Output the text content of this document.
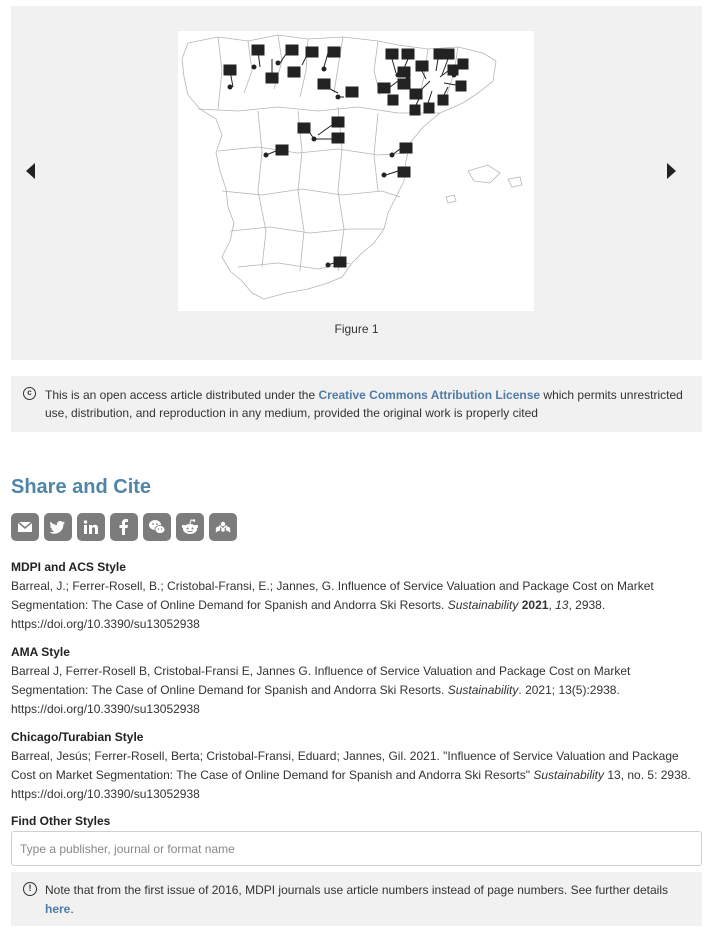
Figure 1
c	This is an open access article distributed under the Creative Commons Attribution License which permits unrestricted use, distribution, and reproduction in any medium, provided the original work is properly cited
Share and Cite
MDPI and ACS Style
Barreal, J.; Ferrer-Rosell, B.; Cristobal-Fransi, E.; Jannes, G. Influence of Service Valuation and Package Cost on Market Segmentation: The Case of Online Demand for Spanish and Andorra Ski Resorts. Sustainability 2021, 13, 2938.
https://doi.org/10.3390/su13052938
AMA Style
Barreal J, Ferrer-Rosell B, Cristobal-Fransi E, Jannes G. Influence of Service Valuation and Package Cost on Market Segmentation: The Case of Online Demand for Spanish and Andorra Ski Resorts. Sustainability. 2021; 13(5):2938.
https://doi.org/10.3390/su13052938
Chicago/Turabian Style
Barreal, Jesús; Ferrer-Rosell, Berta; Cristobal-Fransi, Eduard; Jannes, Gil. 2021. "Influence of Service Valuation and Package Cost on Market Segmentation: The Case of Online Demand for Spanish and Andorra Ski Resorts" Sustainability 13, no. 5: 2938.
https://doi.org/10.3390/su13052938
Find Other Styles
Type a publisher, journal or format name
!	Note that from the first issue of 2016, MDPI journals use article numbers instead of page numbers. See further details here.
